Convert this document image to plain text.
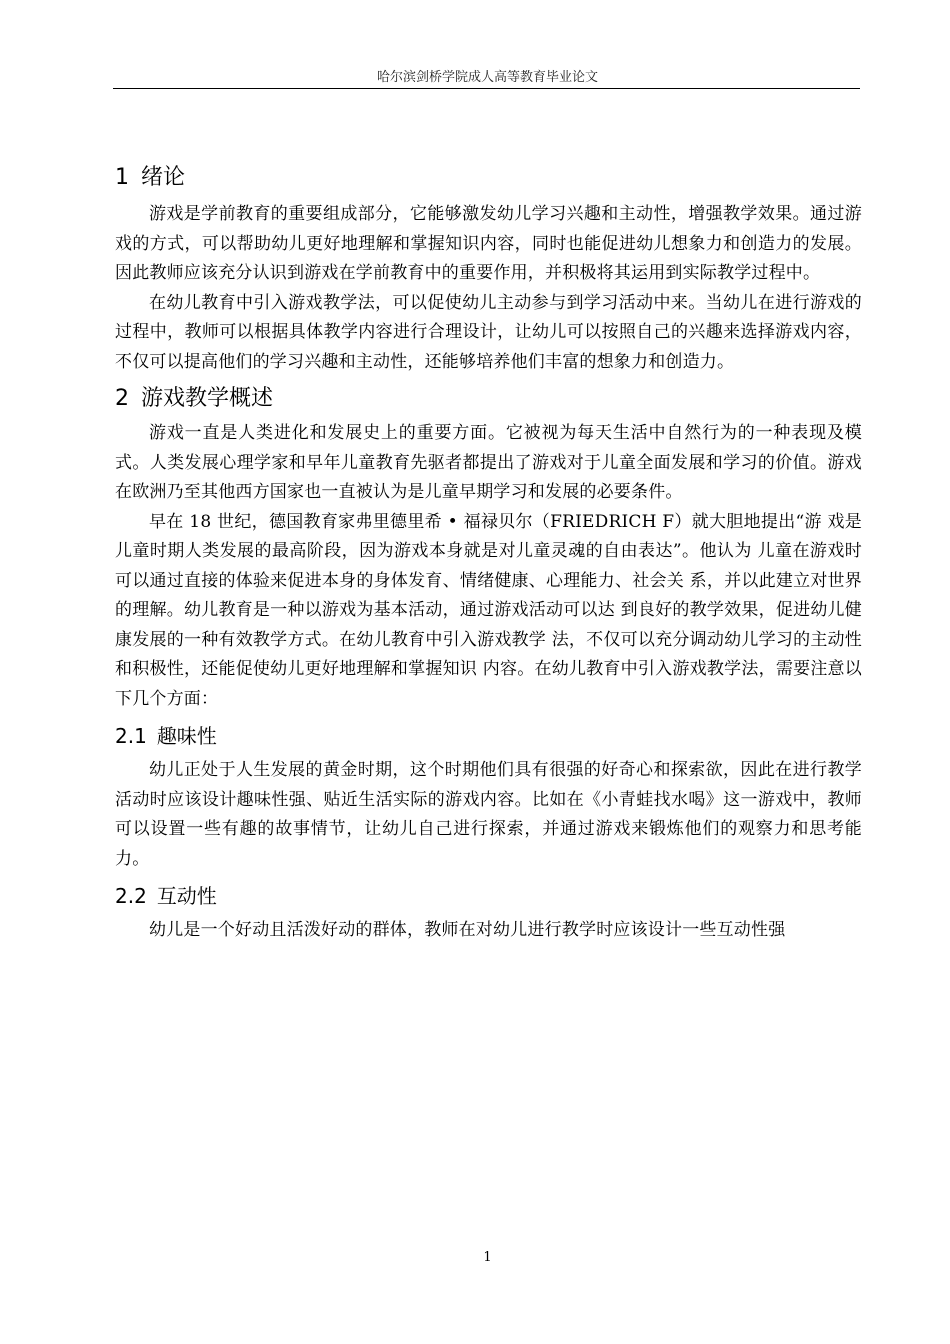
哈尔滨剑桥学院成人高等教育毕业论文
1 绪论

游戏是学前教育的重要组成部分，它能够激发幼儿学习兴趣和主动性，增强教学效果。通过游戏的方式，可以帮助幼儿更好地理解和掌握知识内容，同时也能促进幼儿想象力和创造力的发展。因此教师应该充分认识到游戏在学前教育中的重要作用，并积极将其运用到实际教学过程中。

在幼儿教育中引入游戏教学法，可以促使幼儿主动参与到学习活动中来。当幼儿在进行游戏的过程中，教师可以根据具体教学内容进行合理设计，让幼儿可以按照自己的兴趣来选择游戏内容，不仅可以提高他们的学习兴趣和主动性，还能够培养他们丰富的想象力和创造力。

2 游戏教学概述

游戏一直是人类进化和发展史上的重要方面。它被视为每天生活中自然行为的一种表现及模式。人类发展心理学家和早年儿童教育先驱者都提出了游戏对于儿童全面发展和学习的价值。游戏在欧洲乃至其他西方国家也一直被认为是儿童早期学习和发展的必要条件。

早在 18 世纪，德国教育家弗里德里希 • 福禄贝尔（FRIEDRICH F）就大胆地提出“游 戏是儿童时期人类发展的最高阶段，因为游戏本身就是对儿童灵魂的自由表达”。他认为 儿童在游戏时可以通过直接的体验来促进本身的身体发育、情绪健康、心理能力、社会关 系，并以此建立对世界的理解。幼儿教育是一种以游戏为基本活动，通过游戏活动可以达 到良好的教学效果，促进幼儿健康发展的一种有效教学方式。在幼儿教育中引入游戏教学 法，不仅可以充分调动幼儿学习的主动性和积极性，还能促使幼儿更好地理解和掌握知识 内容。在幼儿教育中引入游戏教学法，需要注意以下几个方面：

2.1 趣味性

幼儿正处于人生发展的黄金时期，这个时期他们具有很强的好奇心和探索欲，因此在进行教学活动时应该设计趣味性强、贴近生活实际的游戏内容。比如在《小青蛙找水喝》这一游戏中，教师可以设置一些有趣的故事情节，让幼儿自己进行探索，并通过游戏来锻炼他们的观察力和思考能力。

2.2 互动性

幼儿是一个好动且活泼好动的群体，教师在对幼儿进行教学时应该设计一些互动性强

1
